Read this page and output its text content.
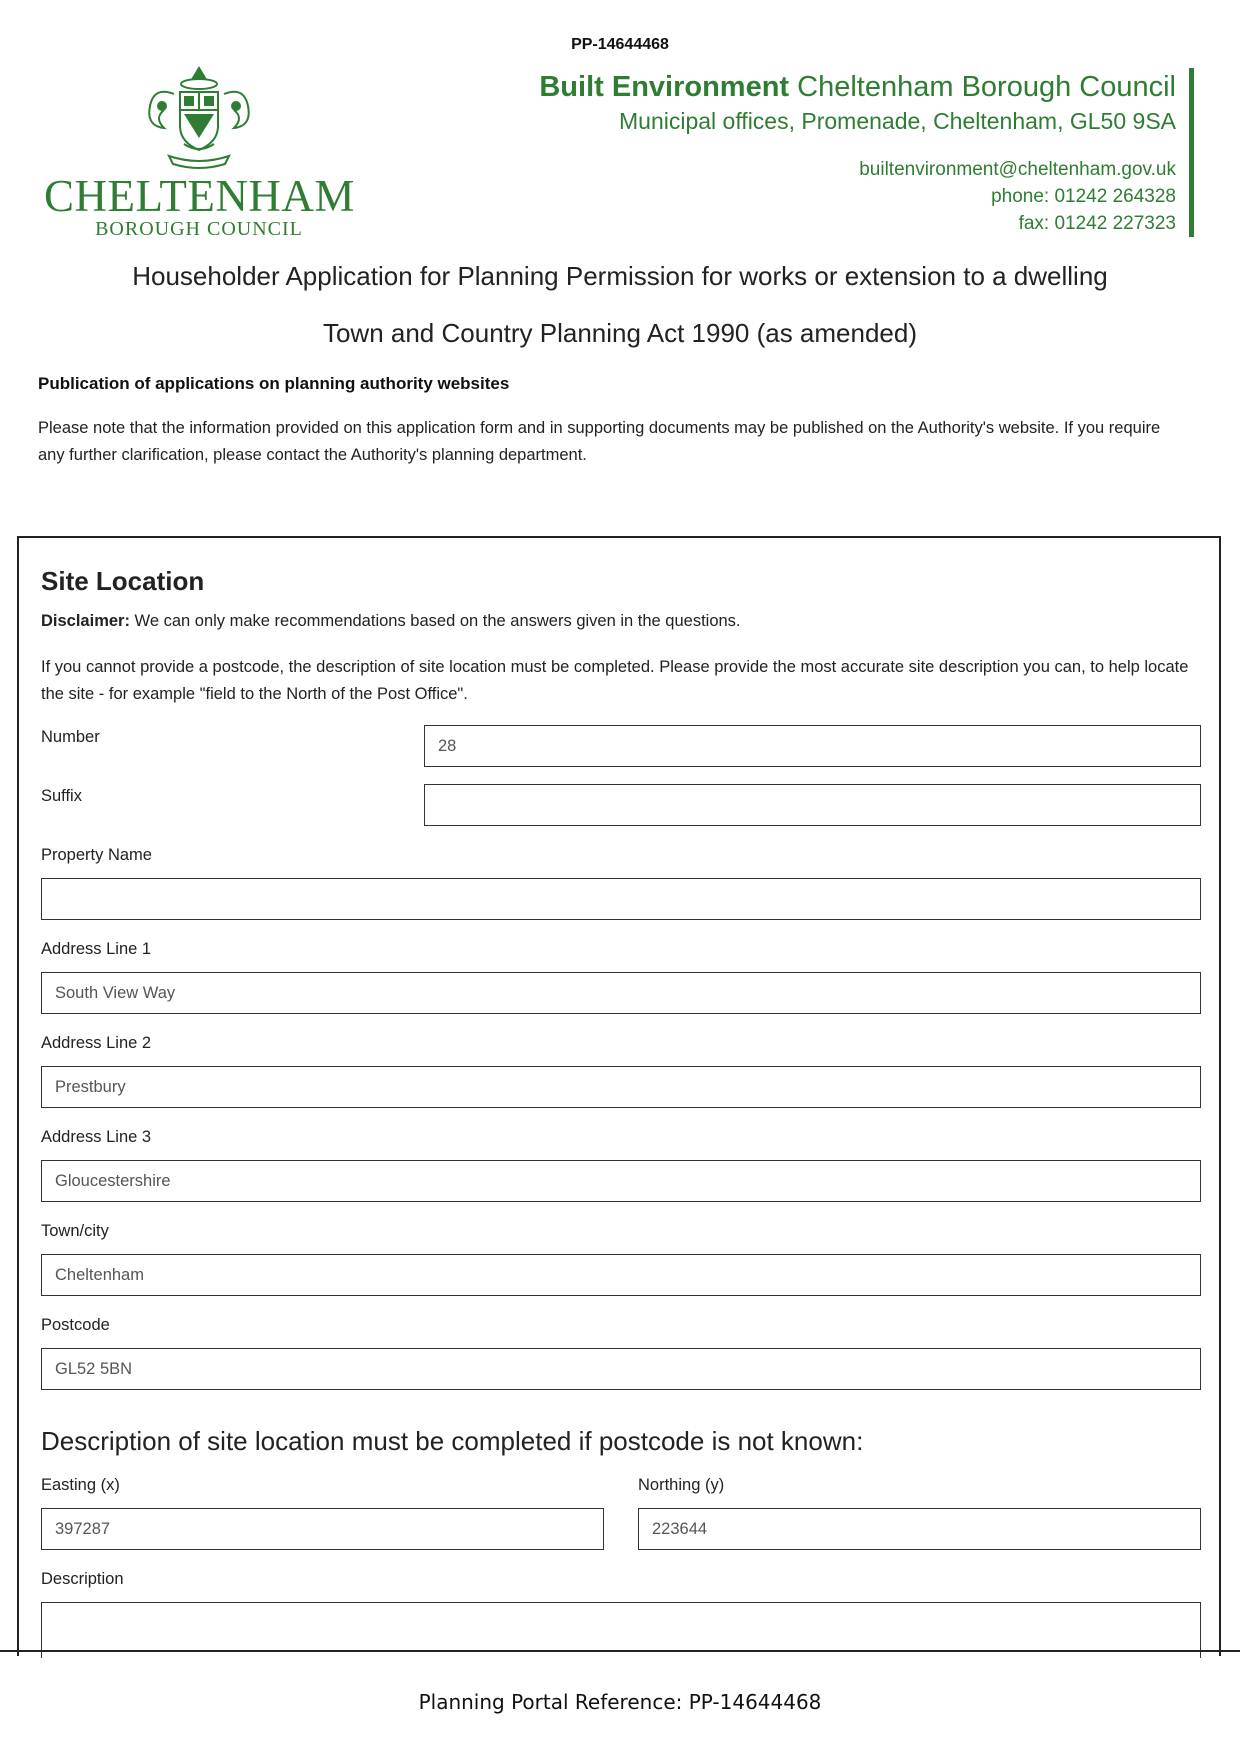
PP-14644468
CHELTENHAM
BOROUGH COUNCIL
Built Environment Cheltenham Borough Council
Municipal offices, Promenade, Cheltenham, GL50 9SA
builtenvironment@cheltenham.gov.uk
phone: 01242 264328
fax: 01242 227323
Householder Application for Planning Permission for works or extension to a dwelling
Town and Country Planning Act 1990 (as amended)
Publication of applications on planning authority websites
Please note that the information provided on this application form and in supporting documents may be published on the Authority's website. If you require any further clarification, please contact the Authority's planning department.
Site Location
Disclaimer: We can only make recommendations based on the answers given in the questions.
If you cannot provide a postcode, the description of site location must be completed. Please provide the most accurate site description you can, to help locate the site - for example "field to the North of the Post Office".
Number	28
Suffix
Property Name
Address Line 1
South View Way
Address Line 2
Prestbury
Address Line 3
Gloucestershire
Town/city
Cheltenham
Postcode
GL52 5BN
Description of site location must be completed if postcode is not known:
Easting (x)
397287
Northing (y)
223644
Description
Planning Portal Reference: PP-14644468
